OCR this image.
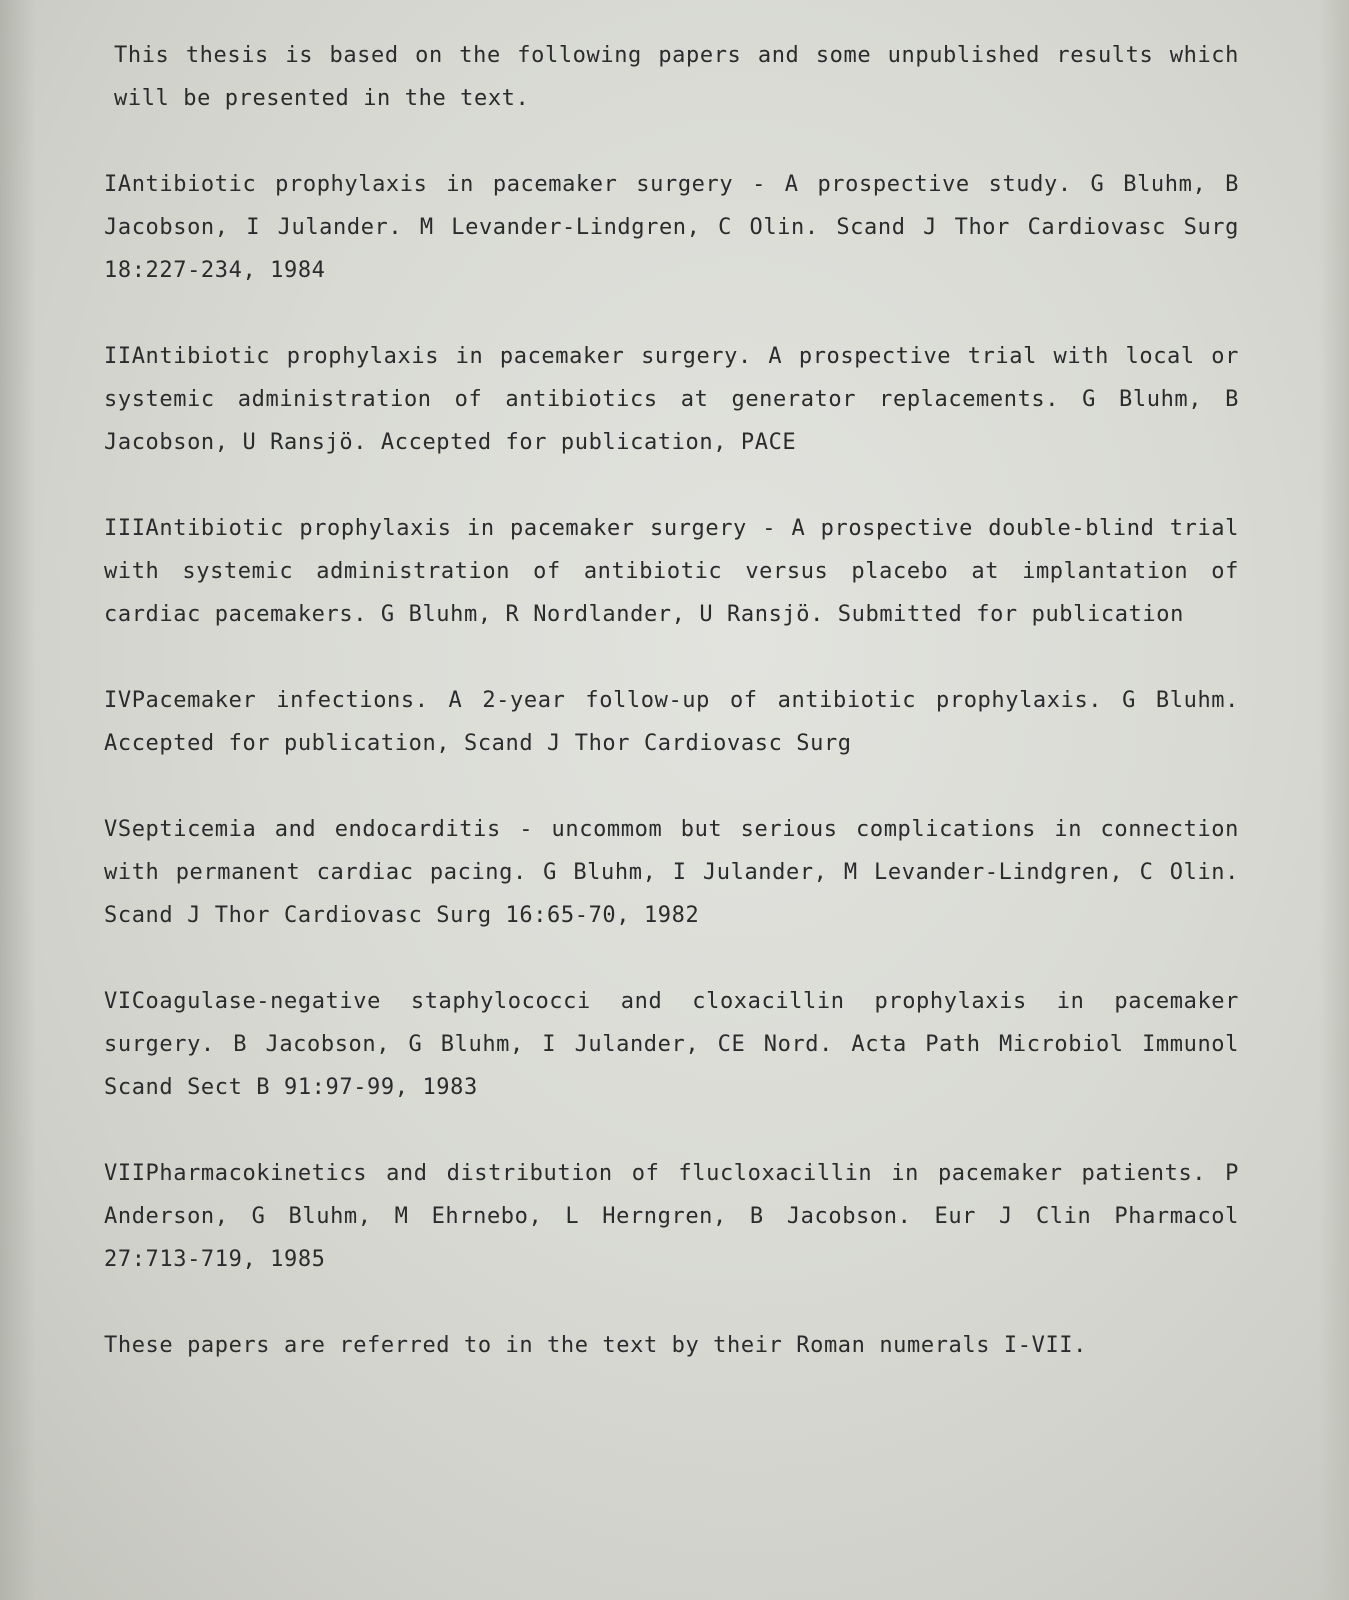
This thesis is based on the following papers and some unpublished results which will be presented in the text.

IAntibiotic prophylaxis in pacemaker surgery - A prospective study. G Bluhm, B Jacobson, I Julander. M Levander-Lindgren, C Olin. Scand J Thor Cardiovasc Surg 18:227-234, 1984

IIAntibiotic prophylaxis in pacemaker surgery. A prospective trial with local or systemic administration of antibiotics at generator replacements. G Bluhm, B Jacobson, U Ransjö. Accepted for publication, PACE

IIIAntibiotic prophylaxis in pacemaker surgery - A prospective double-blind trial with systemic administration of antibiotic versus placebo at implantation of cardiac pacemakers. G Bluhm, R Nordlander, U Ransjö. Submitted for publication

IVPacemaker infections. A 2-year follow-up of antibiotic prophylaxis. G Bluhm. Accepted for publication, Scand J Thor Cardiovasc Surg

VSepticemia and endocarditis - uncommom but serious complications in connection with permanent cardiac pacing. G Bluhm, I Julander, M Levander-Lindgren, C Olin. Scand J Thor Cardiovasc Surg 16:65-70, 1982

VICoagulase-negative staphylococci and cloxacillin prophylaxis in pacemaker surgery. B Jacobson, G Bluhm, I Julander, CE Nord. Acta Path Microbiol Immunol Scand Sect B 91:97-99, 1983

VIIPharmacokinetics and distribution of flucloxacillin in pacemaker patients. P Anderson, G Bluhm, M Ehrnebo, L Herngren, B Jacobson. Eur J Clin Pharmacol 27:713-719, 1985

These papers are referred to in the text by their Roman numerals I-VII.
